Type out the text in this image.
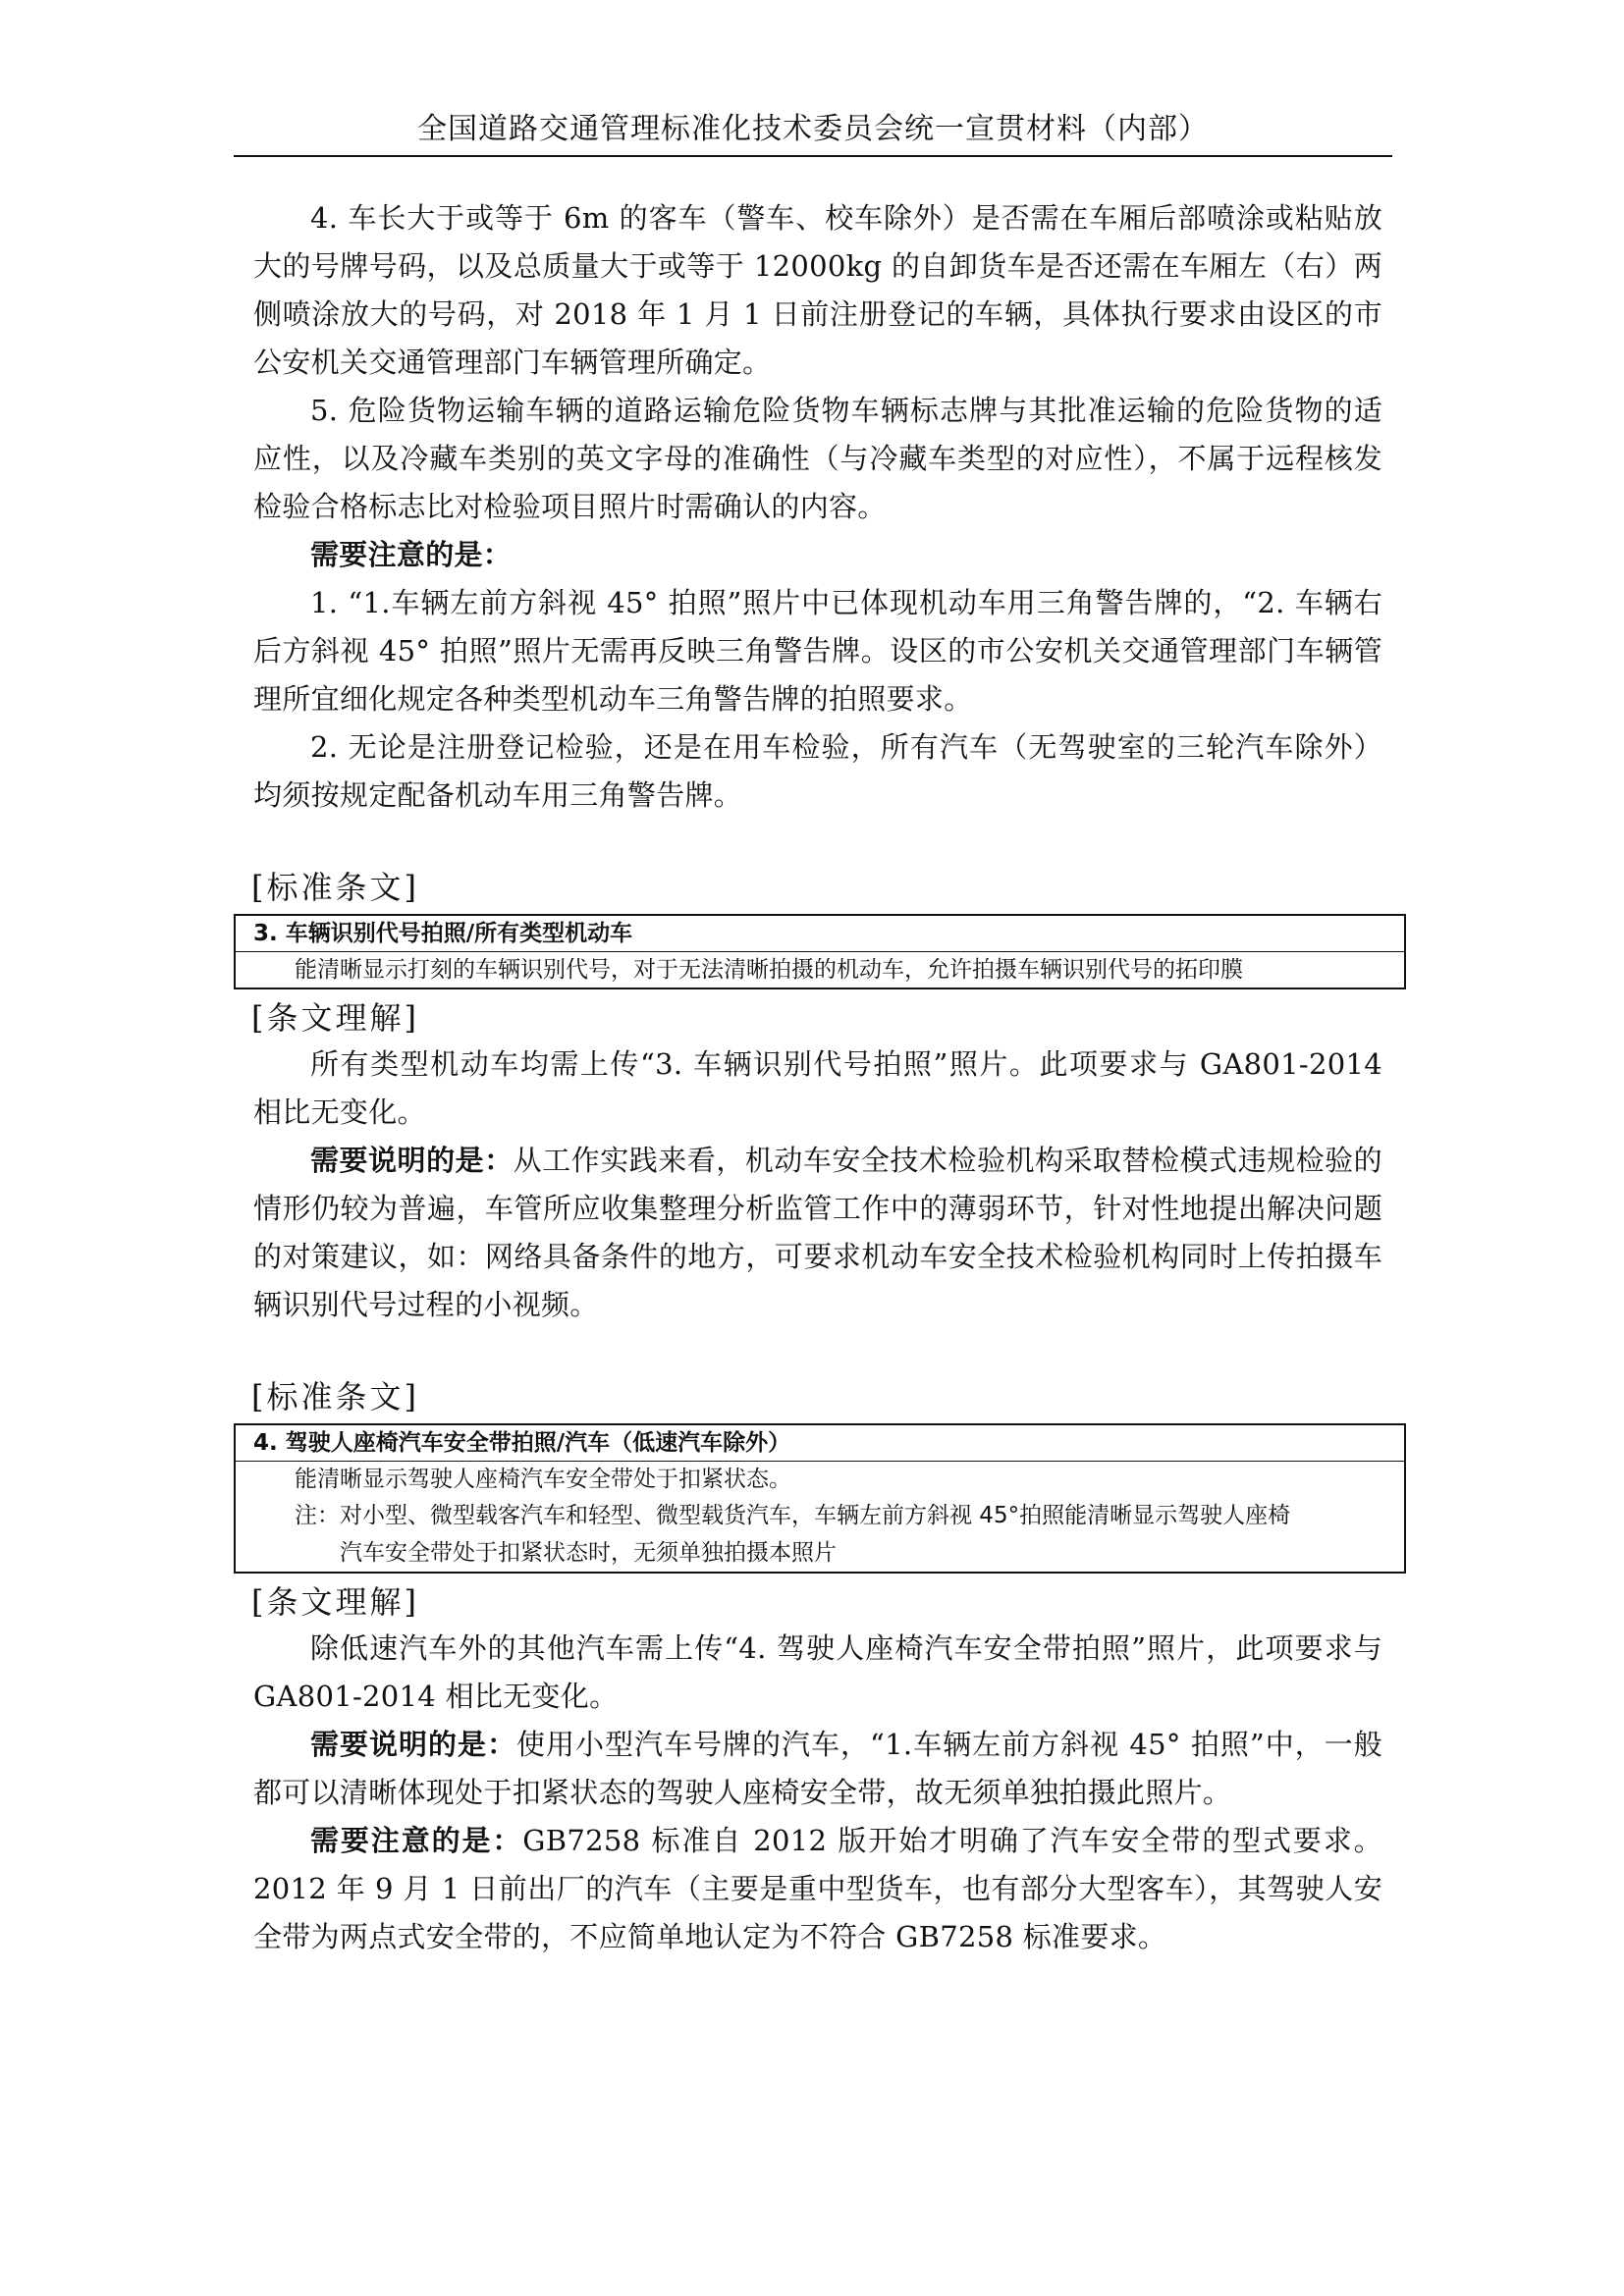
全国道路交通管理标准化技术委员会统一宣贯材料（内部）

4. 车长大于或等于 6m 的客车（警车、校车除外）是否需在车厢后部喷涂或粘贴放大的号牌号码，以及总质量大于或等于 12000kg 的自卸货车是否还需在车厢左（右）两侧喷涂放大的号码，对 2018 年 1 月 1 日前注册登记的车辆，具体执行要求由设区的市公安机关交通管理部门车辆管理所确定。

5. 危险货物运输车辆的道路运输危险货物车辆标志牌与其批准运输的危险货物的适应性，以及冷藏车类别的英文字母的准确性（与冷藏车类型的对应性），不属于远程核发检验合格标志比对检验项目照片时需确认的内容。

需要注意的是：

1. “1.车辆左前方斜视 45° 拍照”照片中已体现机动车用三角警告牌的，“2. 车辆右后方斜视 45° 拍照”照片无需再反映三角警告牌。设区的市公安机关交通管理部门车辆管理所宜细化规定各种类型机动车三角警告牌的拍照要求。

2. 无论是注册登记检验，还是在用车检验，所有汽车（无驾驶室的三轮汽车除外）均须按规定配备机动车用三角警告牌。

[标准条文]

3. 车辆识别代号拍照/所有类型机动车
能清晰显示打刻的车辆识别代号，对于无法清晰拍摄的机动车，允许拍摄车辆识别代号的拓印膜

[条文理解]

所有类型机动车均需上传“3. 车辆识别代号拍照”照片。此项要求与 GA801-2014 相比无变化。

需要说明的是：从工作实践来看，机动车安全技术检验机构采取替检模式违规检验的情形仍较为普遍，车管所应收集整理分析监管工作中的薄弱环节，针对性地提出解决问题的对策建议，如：网络具备条件的地方，可要求机动车安全技术检验机构同时上传拍摄车辆识别代号过程的小视频。

[标准条文]

4. 驾驶人座椅汽车安全带拍照/汽车（低速汽车除外）
能清晰显示驾驶人座椅汽车安全带处于扣紧状态。
注：对小型、微型载客汽车和轻型、微型载货汽车，车辆左前方斜视 45°拍照能清晰显示驾驶人座椅
汽车安全带处于扣紧状态时，无须单独拍摄本照片

[条文理解]

除低速汽车外的其他汽车需上传“4. 驾驶人座椅汽车安全带拍照”照片，此项要求与 GA801-2014 相比无变化。

需要说明的是：使用小型汽车号牌的汽车，“1.车辆左前方斜视 45° 拍照”中，一般都可以清晰体现处于扣紧状态的驾驶人座椅安全带，故无须单独拍摄此照片。

需要注意的是：GB7258 标准自 2012 版开始才明确了汽车安全带的型式要求。2012 年 9 月 1 日前出厂的汽车（主要是重中型货车，也有部分大型客车），其驾驶人安全带为两点式安全带的，不应简单地认定为不符合 GB7258 标准要求。
